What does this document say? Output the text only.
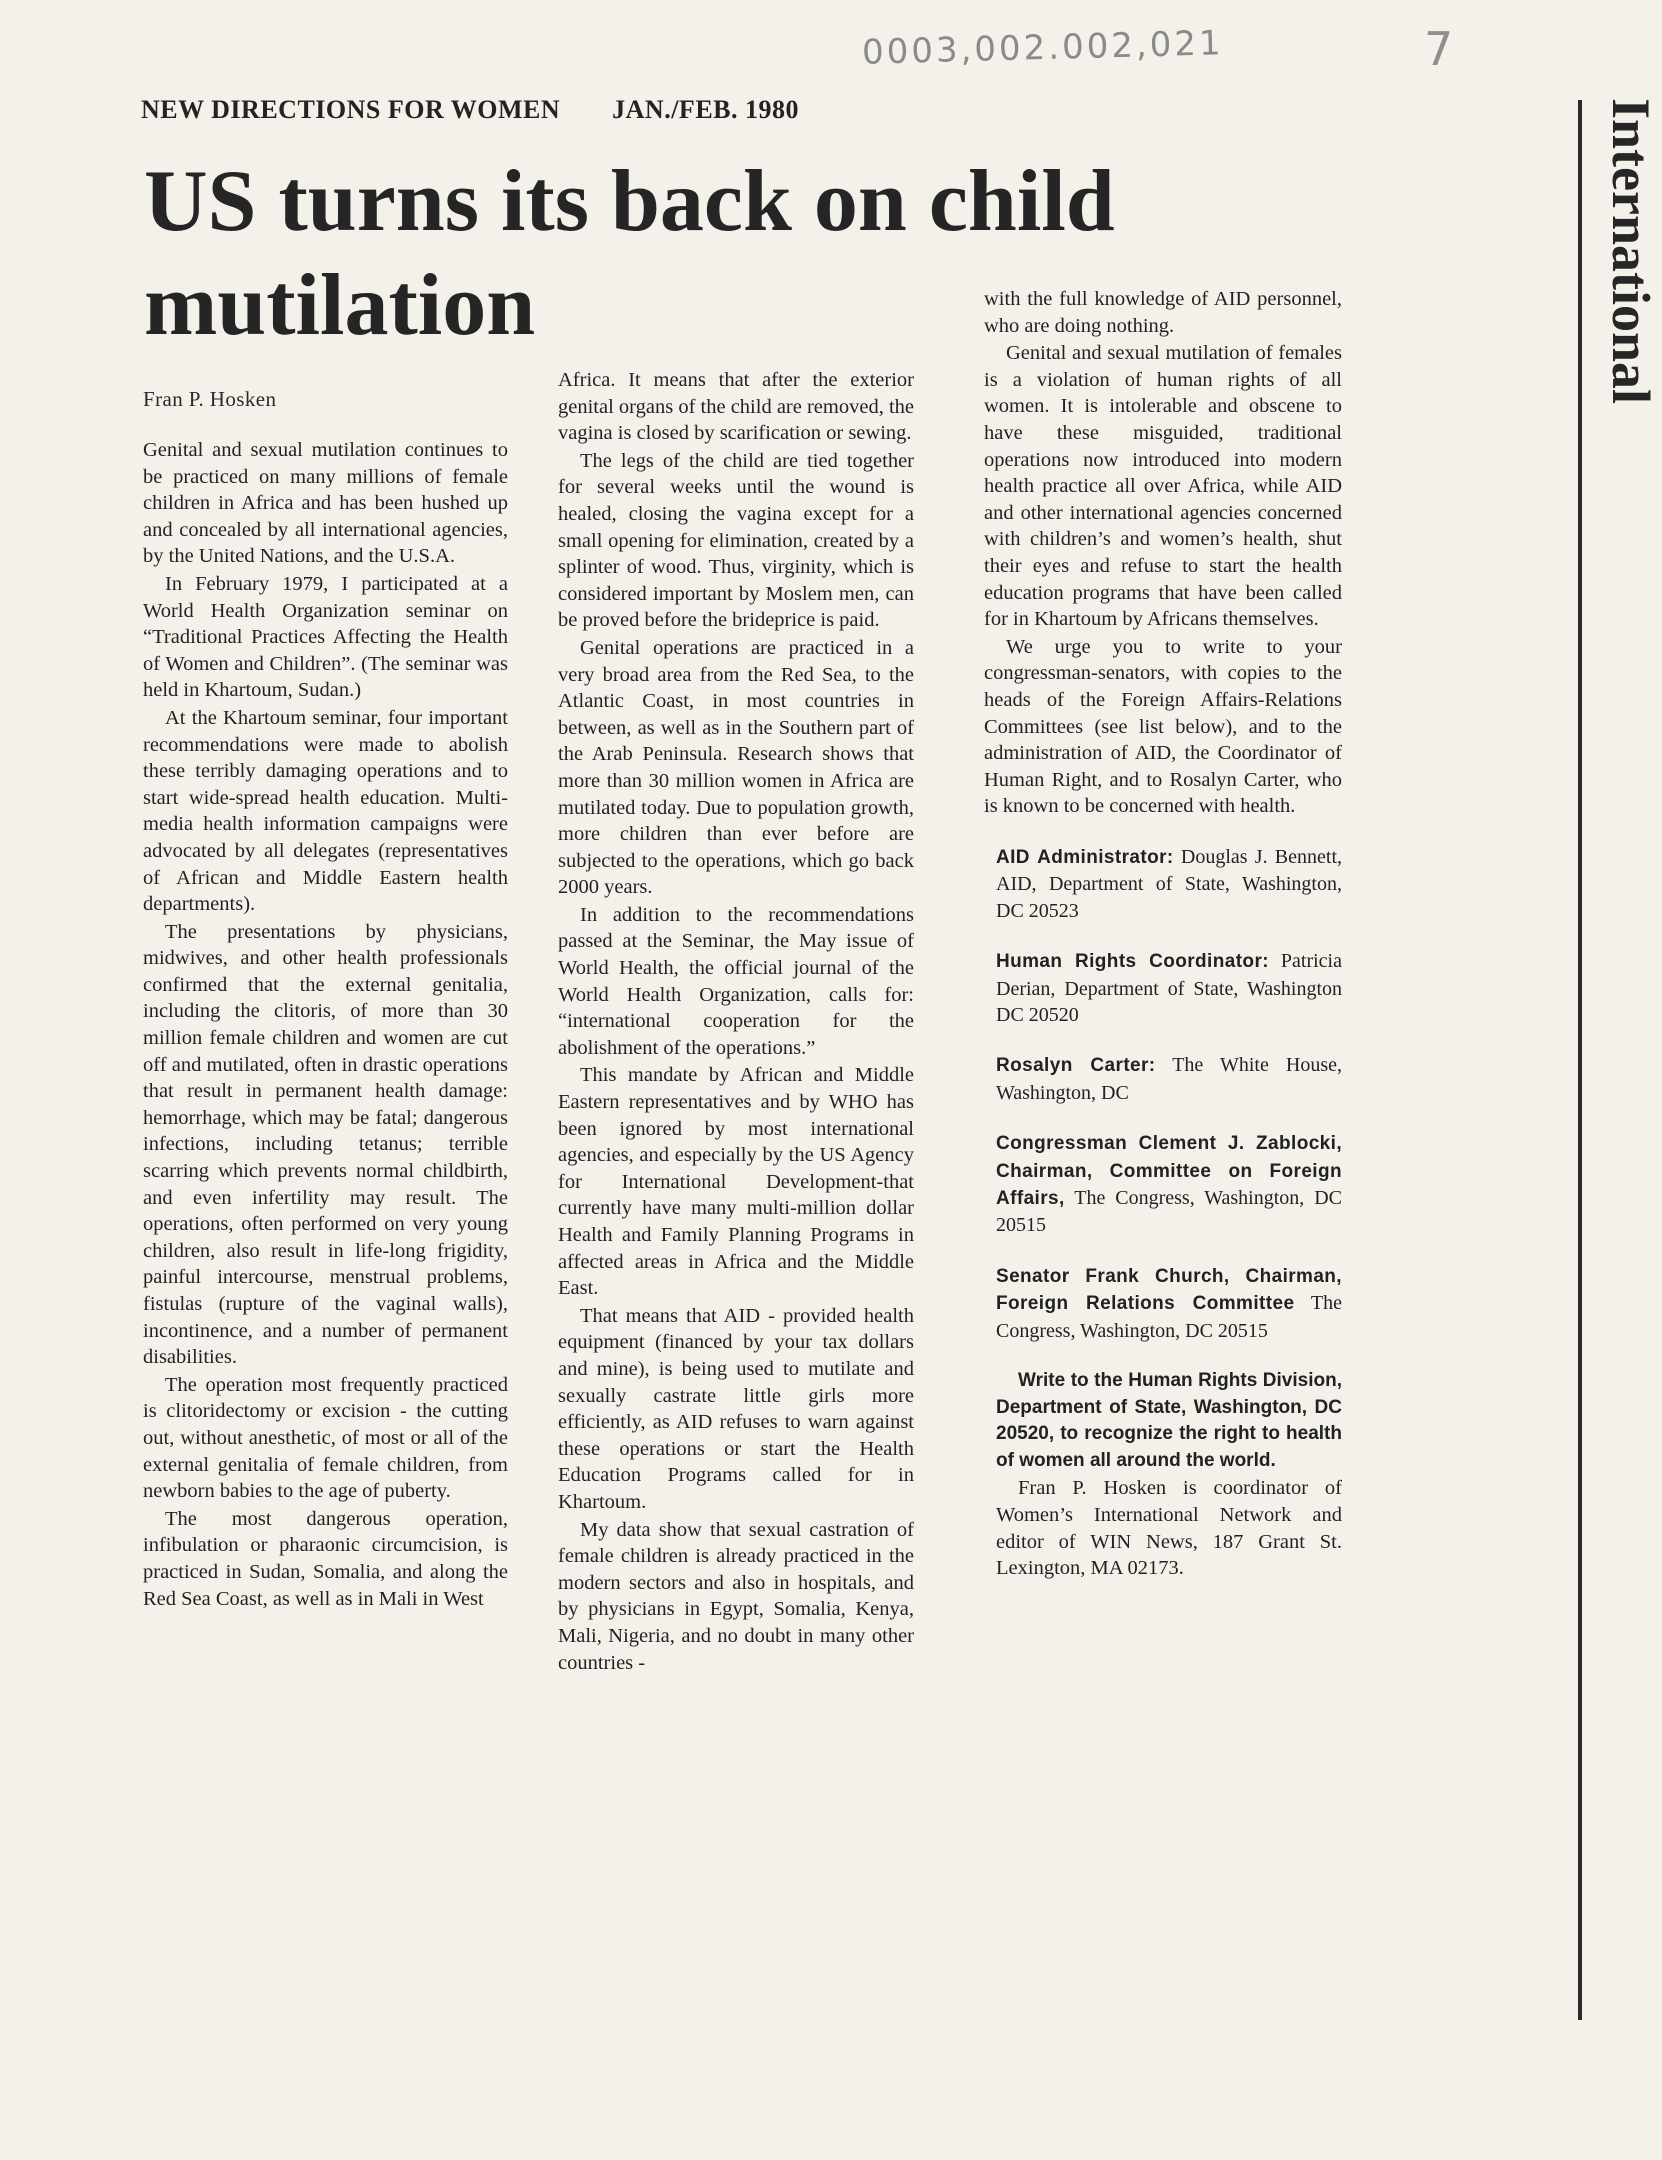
0003,002.002,021	7
NEW DIRECTIONS FOR WOMEN JAN./FEB. 1980	International
US turns its back on child mutilation
Fran P. Hosken

Genital and sexual mutilation continues to be practiced on many millions of female children in Africa and has been hushed up and concealed by all international agencies, by the United Nations, and the U.S.A.

In February 1979, I participated at a World Health Organization seminar on “Traditional Practices Affecting the Health of Women and Children”. (The seminar was held in Khartoum, Sudan.)

At the Khartoum seminar, four important recommendations were made to abolish these terribly damaging operations and to start wide-spread health education. Multi-media health information campaigns were advocated by all delegates (representatives of African and Middle Eastern health departments).

The presentations by physicians, midwives, and other health professionals confirmed that the external genitalia, including the clitoris, of more than 30 million female children and women are cut off and mutilated, often in drastic operations that result in permanent health damage: hemorrhage, which may be fatal; dangerous infections, including tetanus; terrible scarring which prevents normal childbirth, and even infertility may result. The operations, often performed on very young children, also result in life-long frigidity, painful intercourse, menstrual problems, fistulas (rupture of the vaginal walls), incontinence, and a number of permanent disabilities.

The operation most frequently practiced is clitoridectomy or excision - the cutting out, without anesthetic, of most or all of the external genitalia of female children, from newborn babies to the age of puberty.

The most dangerous operation, infibulation or pharaonic circumcision, is practiced in Sudan, Somalia, and along the Red Sea Coast, as well as in Mali in West

Africa. It means that after the exterior genital organs of the child are removed, the vagina is closed by scarification or sewing.

The legs of the child are tied together for several weeks until the wound is healed, closing the vagina except for a small opening for elimination, created by a splinter of wood. Thus, virginity, which is considered important by Moslem men, can be proved before the brideprice is paid.

Genital operations are practiced in a very broad area from the Red Sea, to the Atlantic Coast, in most countries in between, as well as in the Southern part of the Arab Peninsula. Research shows that more than 30 million women in Africa are mutilated today. Due to population growth, more children than ever before are subjected to the operations, which go back 2000 years.

In addition to the recommendations passed at the Seminar, the May issue of World Health, the official journal of the World Health Organization, calls for: “international cooperation for the abolishment of the operations.”

This mandate by African and Middle Eastern representatives and by WHO has been ignored by most international agencies, and especially by the US Agency for International Development-that currently have many multi-million dollar Health and Family Planning Programs in affected areas in Africa and the Middle East.

That means that AID - provided health equipment (financed by your tax dollars and mine), is being used to mutilate and sexually castrate little girls more efficiently, as AID refuses to warn against these operations or start the Health Education Programs called for in Khartoum.

My data show that sexual castration of female children is already practiced in the modern sectors and also in hospitals, and by physicians in Egypt, Somalia, Kenya, Mali, Nigeria, and no doubt in many other countries -

with the full knowledge of AID personnel, who are doing nothing.

Genital and sexual mutilation of females is a violation of human rights of all women. It is intolerable and obscene to have these misguided, traditional operations now introduced into modern health practice all over Africa, while AID and other international agencies concerned with children’s and women’s health, shut their eyes and refuse to start the health education programs that have been called for in Khartoum by Africans themselves.

We urge you to write to your congressman-senators, with copies to the heads of the Foreign Affairs-Relations Committees (see list below), and to the administration of AID, the Coordinator of Human Right, and to Rosalyn Carter, who is known to be concerned with health.

AID Administrator: Douglas J. Bennett, AID, Department of State, Washington, DC 20523

Human Rights Coordinator: Patricia Derian, Department of State, Washington DC 20520

Rosalyn Carter: The White House, Washington, DC

Congressman Clement J. Zablocki, Chairman, Committee on Foreign Affairs, The Congress, Washington, DC 20515

Senator Frank Church, Chairman, Foreign Relations Committee The Congress, Washington, DC 20515

Write to the Human Rights Division, Department of State, Washington, DC 20520, to recognize the right to health of women all around the world.

Fran P. Hosken is coordinator of Women’s International Network and editor of WIN News, 187 Grant St. Lexington, MA 02173.
